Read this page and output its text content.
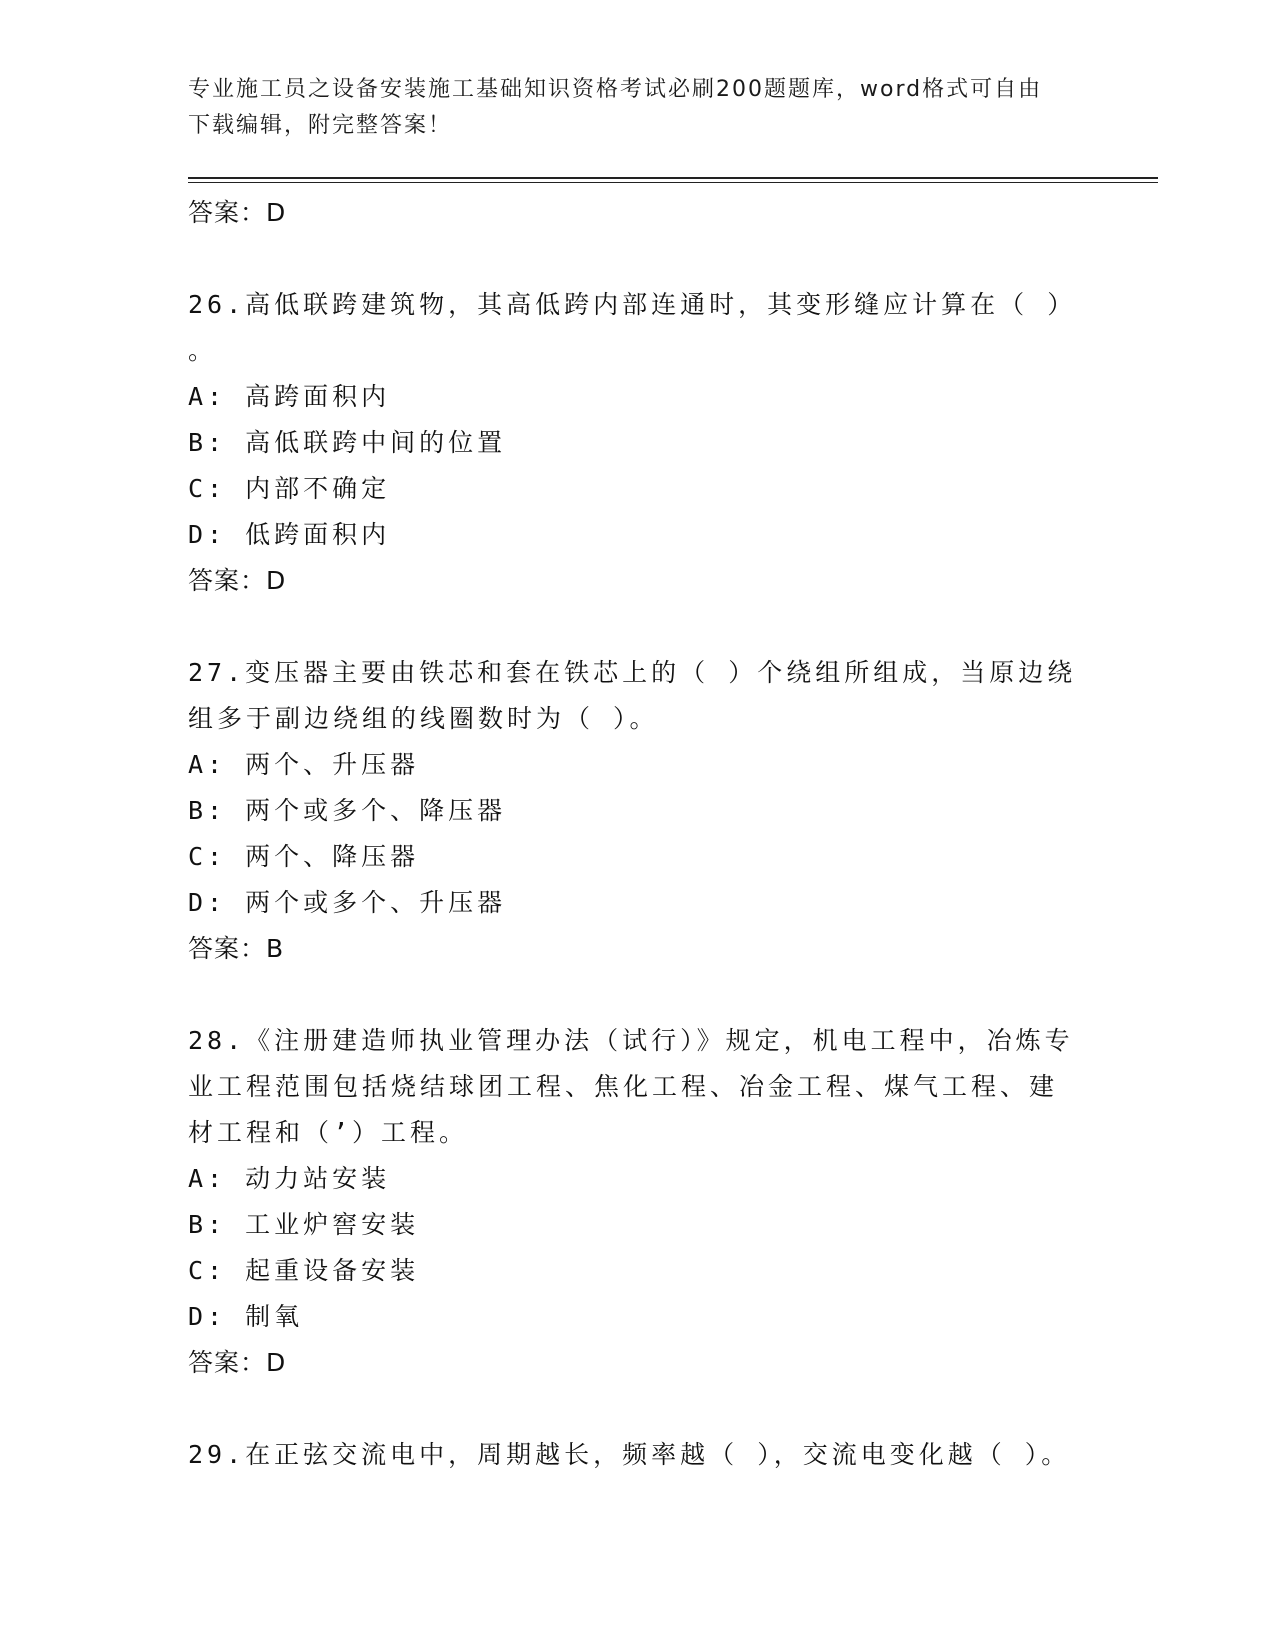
专业施工员之设备安装施工基础知识资格考试必刷200题题库，word格式可自由
下载编辑，附完整答案！
答案：D
26.高低联跨建筑物，其高低跨内部连通时，其变形缝应计算在（ ）
。
A: 高跨面积内
B: 高低联跨中间的位置
C: 内部不确定
D: 低跨面积内
答案：D
27.变压器主要由铁芯和套在铁芯上的（ ）个绕组所组成，当原边绕
组多于副边绕组的线圈数时为（ ）。
A: 两个、升压器
B: 两个或多个、降压器
C: 两个、降压器
D: 两个或多个、升压器
答案：B
28.《注册建造师执业管理办法（试行）》规定，机电工程中，冶炼专
业工程范围包括烧结球团工程、焦化工程、冶金工程、煤气工程、建
材工程和（’）工程。
A: 动力站安装
B: 工业炉窖安装
C: 起重设备安装
D: 制氧
答案：D
29.在正弦交流电中，周期越长，频率越（ ），交流电变化越（ ）。
